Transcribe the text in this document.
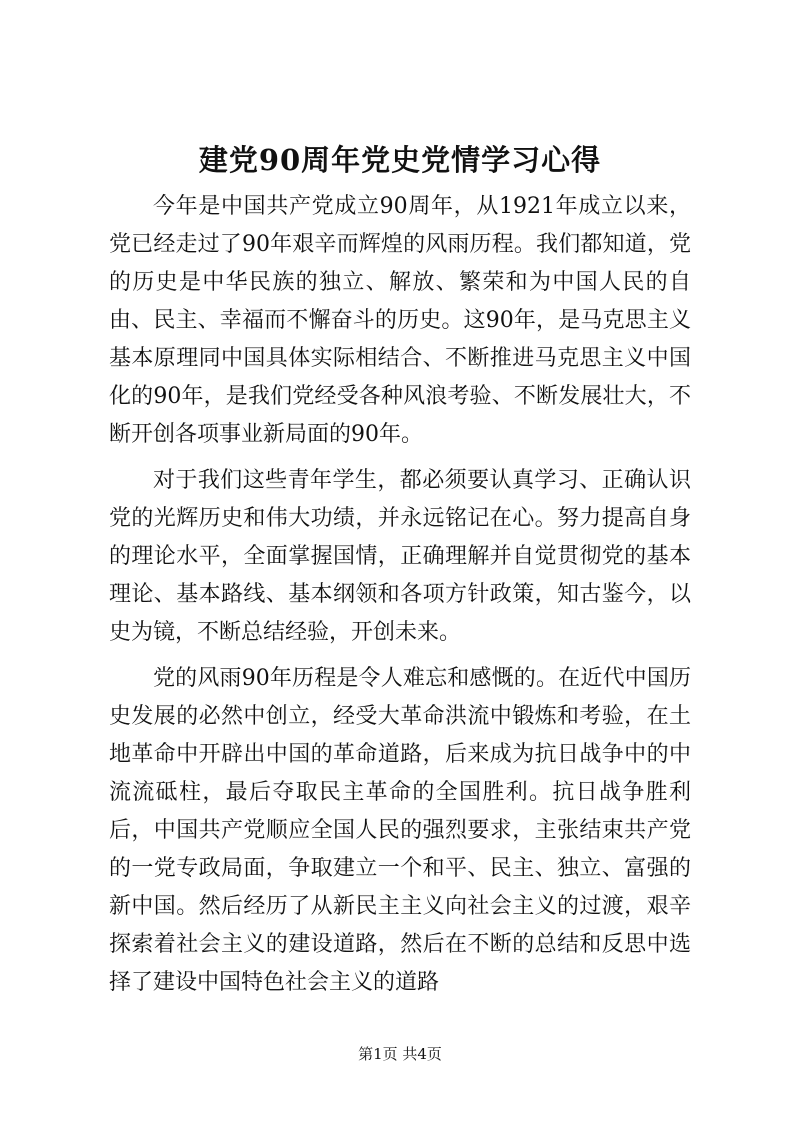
建党90周年党史党情学习心得

今年是中国共产党成立90周年，从1921年成立以来，党已经走过了90年艰辛而辉煌的风雨历程。我们都知道，党的历史是中华民族的独立、解放、繁荣和为中国人民的自由、民主、幸福而不懈奋斗的历史。这90年，是马克思主义基本原理同中国具体实际相结合、不断推进马克思主义中国化的90年，是我们党经受各种风浪考验、不断发展壮大，不断开创各项事业新局面的90年。

对于我们这些青年学生，都必须要认真学习、正确认识党的光辉历史和伟大功绩，并永远铭记在心。努力提高自身的理论水平，全面掌握国情，正确理解并自觉贯彻党的基本理论、基本路线、基本纲领和各项方针政策，知古鉴今，以史为镜，不断总结经验，开创未来。

党的风雨90年历程是令人难忘和感慨的。在近代中国历史发展的必然中创立，经受大革命洪流中锻炼和考验，在土地革命中开辟出中国的革命道路，后来成为抗日战争中的中流流砥柱，最后夺取民主革命的全国胜利。抗日战争胜利后，中国共产党顺应全国人民的强烈要求，主张结束共产党的一党专政局面，争取建立一个和平、民主、独立、富强的新中国。然后经历了从新民主主义向社会主义的过渡，艰辛探索着社会主义的建设道路，然后在不断的总结和反思中选择了建设中国特色社会主义的道路

第1页 共4页
